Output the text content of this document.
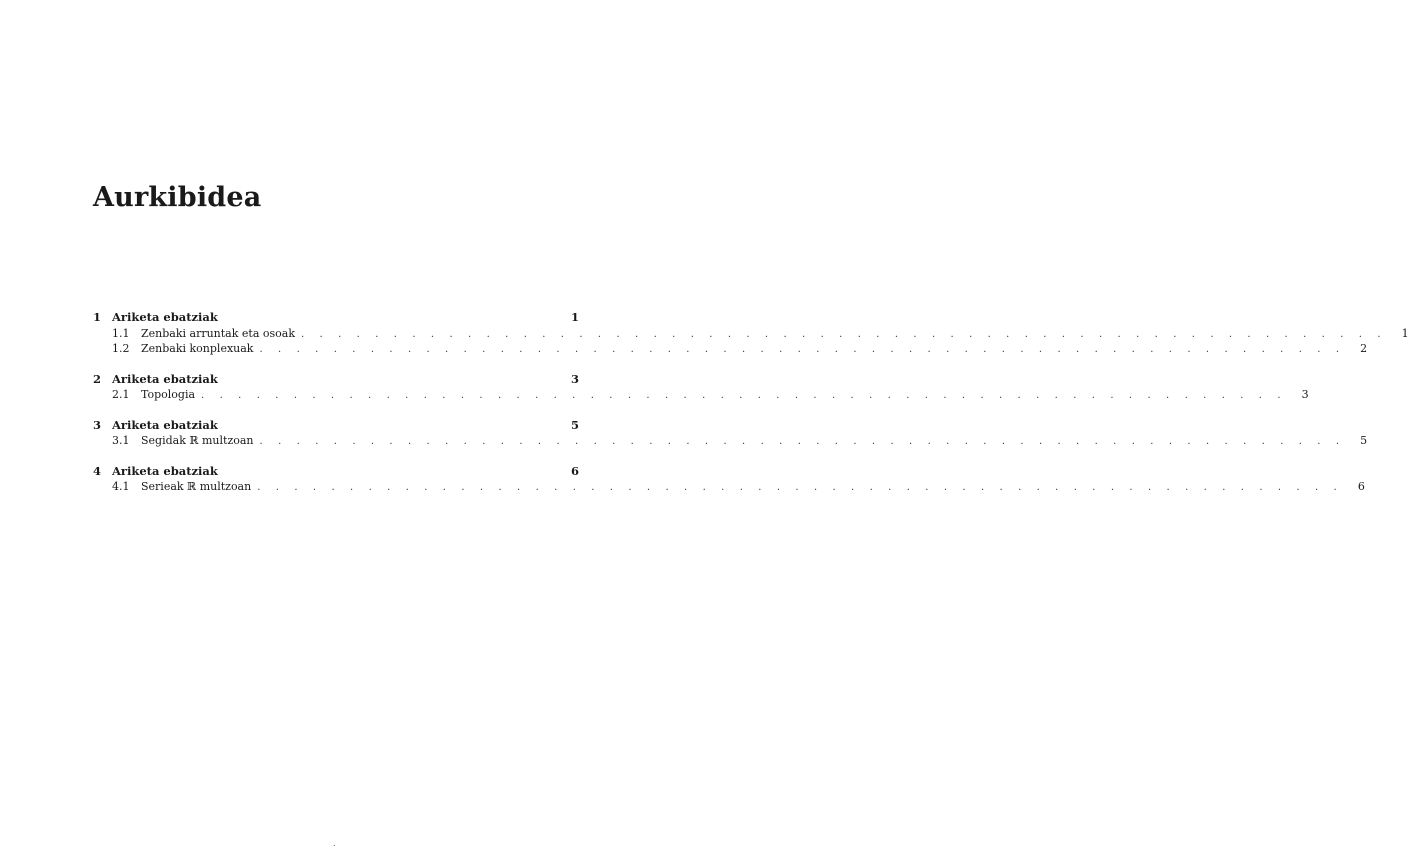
Aurkibidea
1 Ariketa ebatziak	1
1.1	Zenbaki arruntak eta osoak . . . . . . . . . . . . . . . . . . . . . . . . . . . . . . . . . . . . . . . . . . . . . . . . . . . . . . . . . . .	1
1.2	Zenbaki konplexuak . . . . . . . . . . . . . . . . . . . . . . . . . . . . . . . . . . . . . . . . . . . . . . . . . . . . . . . . . . .	2
2 Ariketa ebatziak	3
2.1	Topologia . . . . . . . . . . . . . . . . . . . . . . . . . . . . . . . . . . . . . . . . . . . . . . . . . . . . . . . . . . .	3
3 Ariketa ebatziak	5
3.1	Segidak ℝ multzoan . . . . . . . . . . . . . . . . . . . . . . . . . . . . . . . . . . . . . . . . . . . . . . . . . . . . . . . . . . .	5
4 Ariketa ebatziak	6
4.1	Serieak ℝ multzoan . . . . . . . . . . . . . . . . . . . . . . . . . . . . . . . . . . . . . . . . . . . . . . . . . . . . . . . . . . .	6
.
